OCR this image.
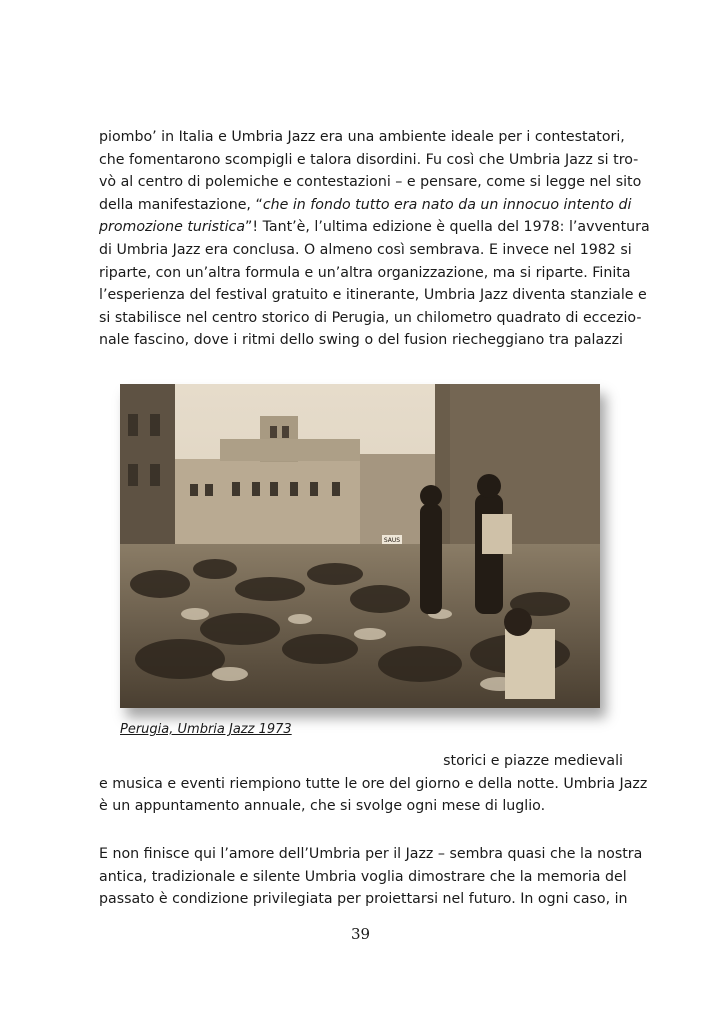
piombo’ in Italia e Umbria Jazz era una ambiente ideale per i contestatori,
che fomentarono scompigli e talora disordini. Fu così che Umbria Jazz si tro-
vò al centro di polemiche e contestazioni – e pensare, come si legge nel sito
della manifestazione, “che in fondo tutto era nato da un innocuo intento di
promozione turistica”! Tant’è, l’ultima edizione è quella del 1978: l’avventura
di Umbria Jazz era conclusa. O almeno così sembrava. E invece nel 1982 si
riparte, con un’altra formula e un’altra organizzazione, ma si riparte. Finita
l’esperienza del festival gratuito e itinerante, Umbria Jazz diventa stanziale e
si stabilisce nel centro storico di Perugia, un chilometro quadrato di eccezio-
nale fascino, dove i ritmi dello swing o del fusion riecheggiano tra palazzi

SAUS
Perugia, Umbria Jazz 1973

storici e piazze medievali
e musica e eventi riempiono tutte le ore del giorno e della notte. Umbria Jazz
è un appuntamento annuale, che si svolge ogni mese di luglio.

E non finisce qui l’amore dell’Umbria per il Jazz – sembra quasi che la nostra
antica, tradizionale e silente Umbria voglia dimostrare che la memoria del
passato è condizione privilegiata per proiettarsi nel futuro. In ogni caso, in

39
